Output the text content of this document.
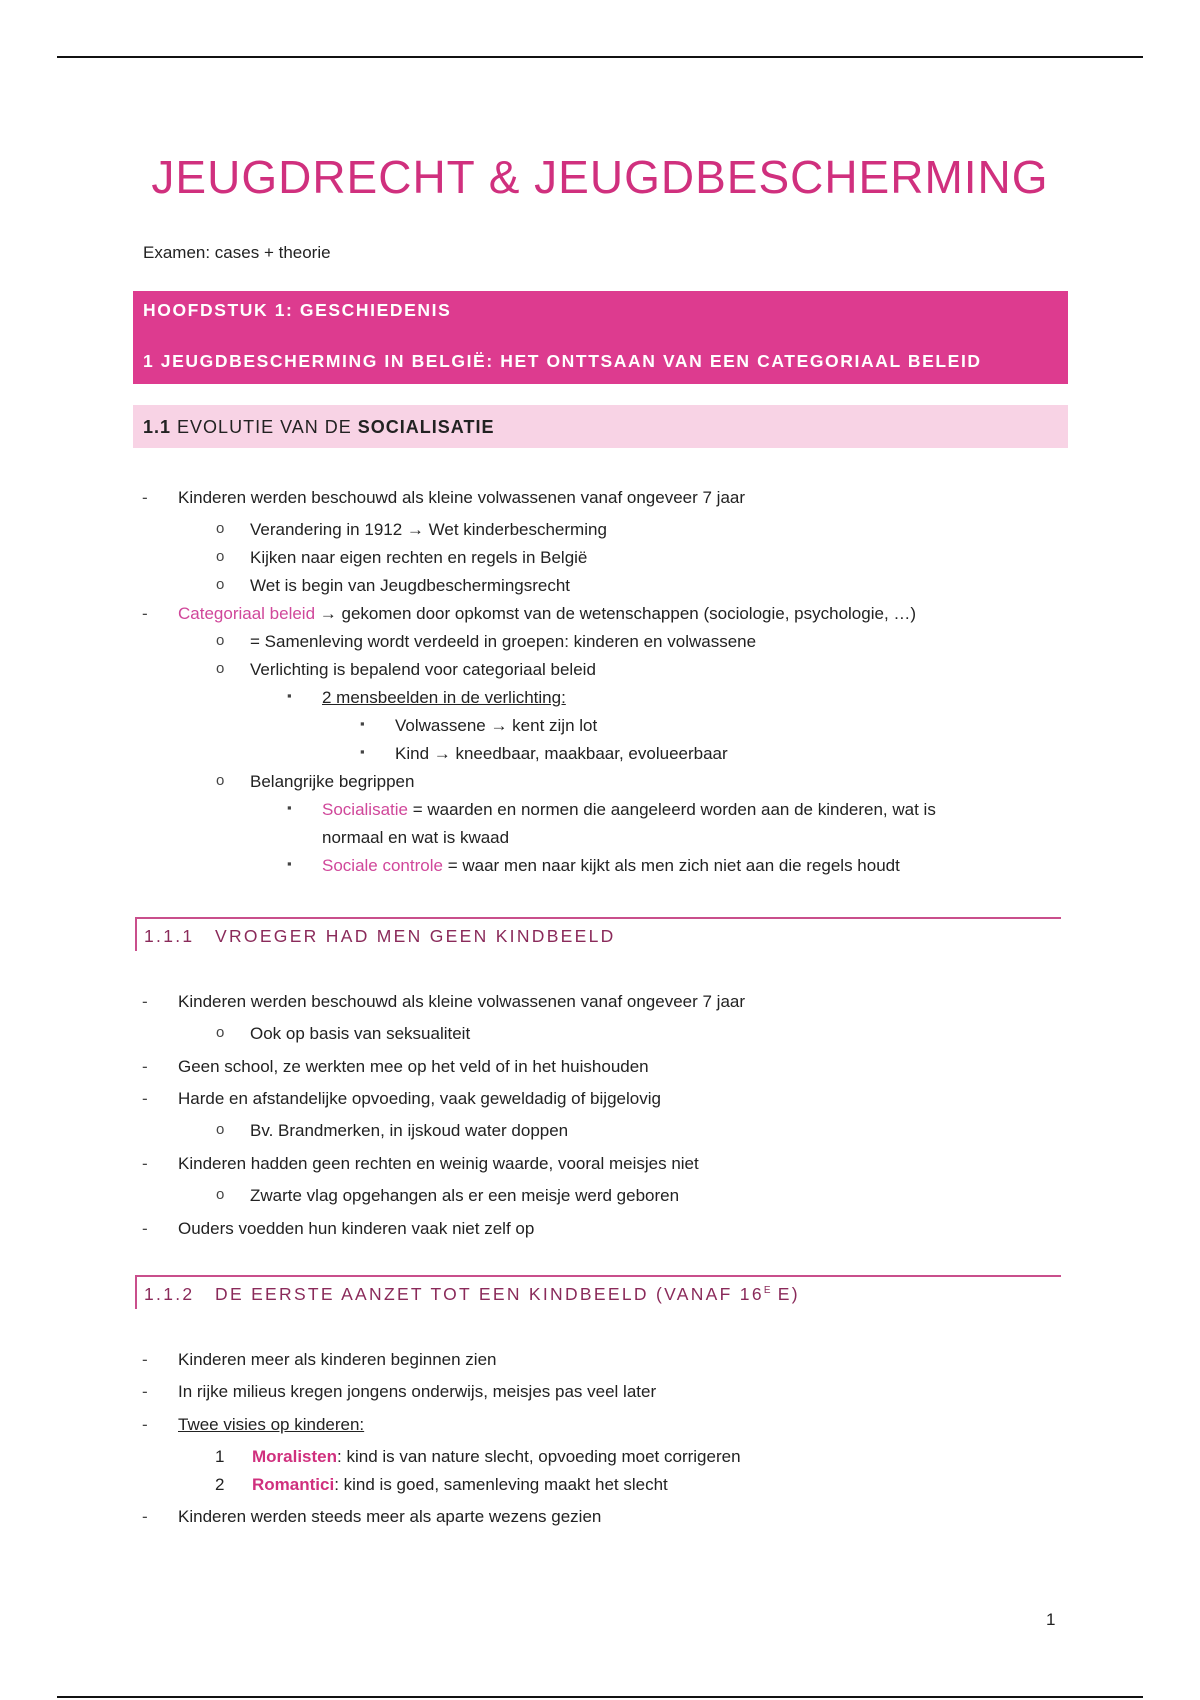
JEUGDRECHT & JEUGDBESCHERMING
Examen: cases + theorie
HOOFDSTUK 1: GESCHIEDENIS
1 JEUGDBESCHERMING IN BELGIË: HET ONTTSAAN VAN EEN CATEGORIAAL BELEID
1.1 EVOLUTIE VAN DE SOCIALISATIE
- Kinderen werden beschouwd als kleine volwassenen vanaf ongeveer 7 jaar
o Verandering in 1912 → Wet kinderbescherming
o Kijken naar eigen rechten en regels in België
o Wet is begin van Jeugdbeschermingsrecht
- Categoriaal beleid → gekomen door opkomst van de wetenschappen (sociologie, psychologie, …)
o = Samenleving wordt verdeeld in groepen: kinderen en volwassene
o Verlichting is bepalend voor categoriaal beleid
▪ 2 mensbeelden in de verlichting:
▪ Volwassene → kent zijn lot
▪ Kind → kneedbaar, maakbaar, evolueerbaar
o Belangrijke begrippen
▪ Socialisatie = waarden en normen die aangeleerd worden aan de kinderen, wat is
normaal en wat is kwaad
▪ Sociale controle = waar men naar kijkt als men zich niet aan die regels houdt
1.1.1 VROEGER HAD MEN GEEN KINDBEELD
- Kinderen werden beschouwd als kleine volwassenen vanaf ongeveer 7 jaar
o Ook op basis van seksualiteit
- Geen school, ze werkten mee op het veld of in het huishouden
- Harde en afstandelijke opvoeding, vaak geweldadig of bijgelovig
o Bv. Brandmerken, in ijskoud water doppen
- Kinderen hadden geen rechten en weinig waarde, vooral meisjes niet
o Zwarte vlag opgehangen als er een meisje werd geboren
- Ouders voedden hun kinderen vaak niet zelf op
1.1.2 DE EERSTE AANZET TOT EEN KINDBEELD (VANAF $16^E$ E)
- Kinderen meer als kinderen beginnen zien
- In rijke milieus kregen jongens onderwijs, meisjes pas veel later
- Twee visies op kinderen:
1 Moralisten: kind is van nature slecht, opvoeding moet corrigeren
2 Romantici: kind is goed, samenleving maakt het slecht
- Kinderen werden steeds meer als aparte wezens gezien
1
